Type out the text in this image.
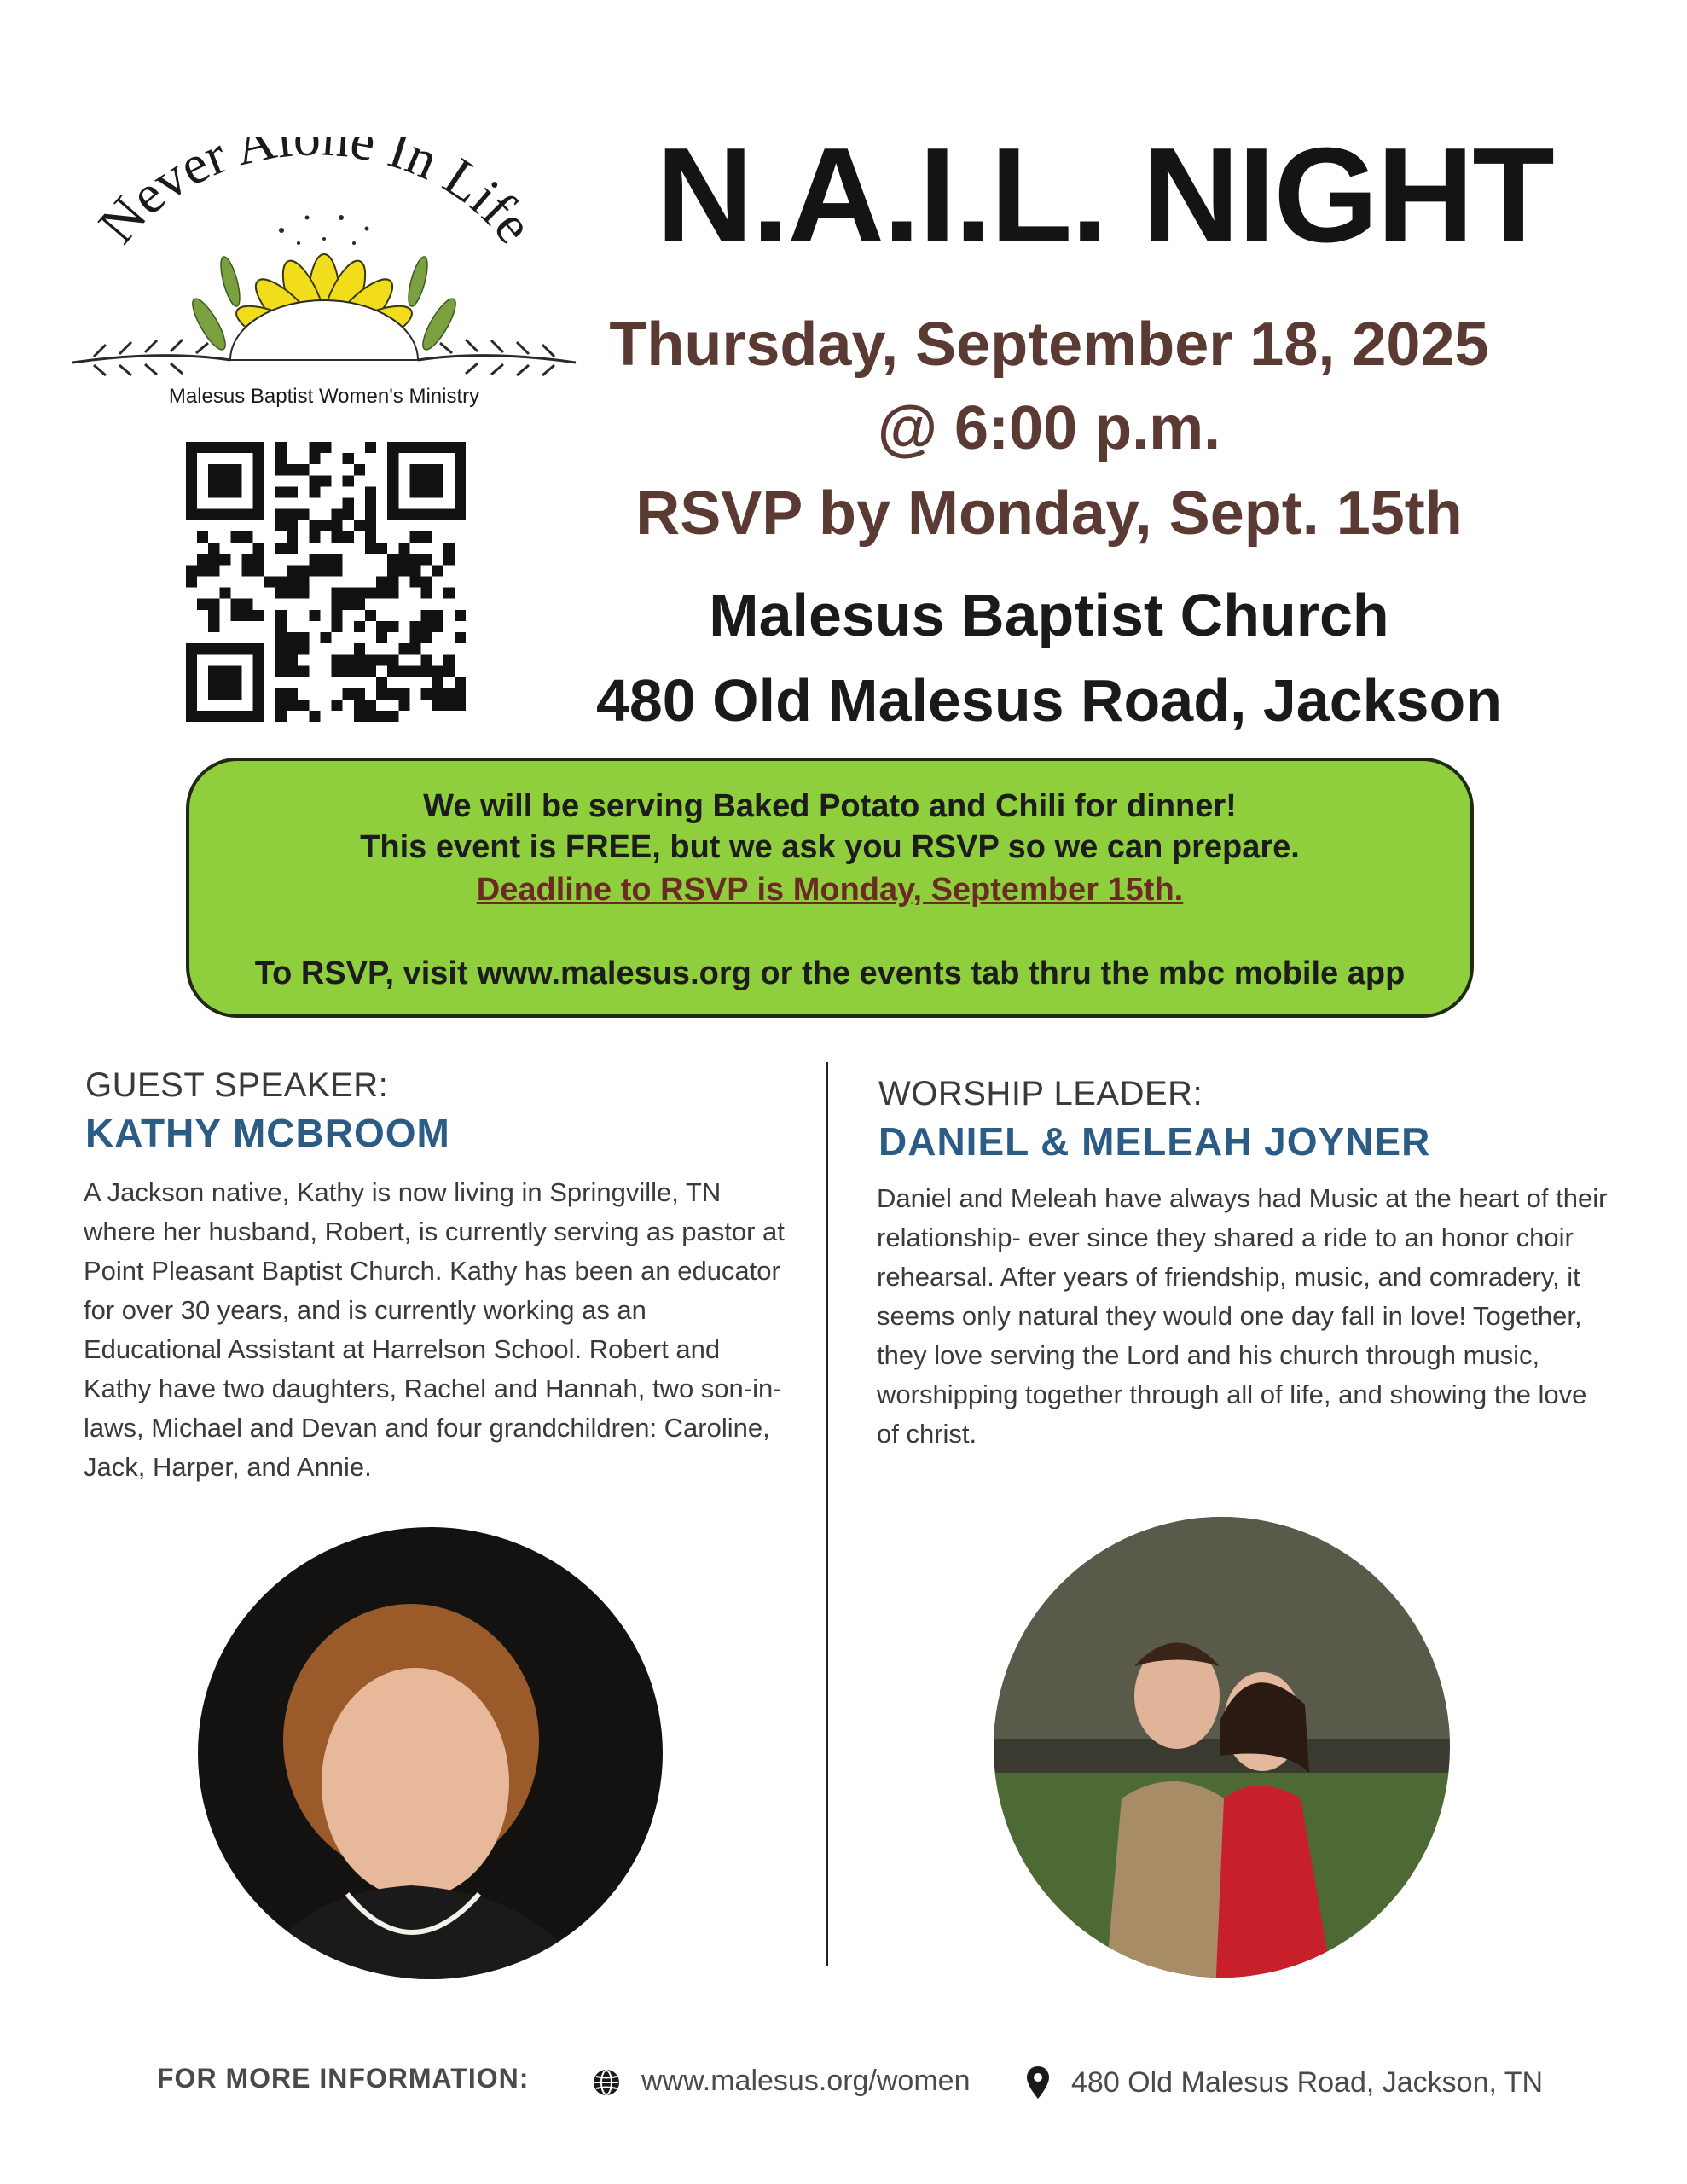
Never Alone In Life
Malesus Baptist Women's Ministry
N.A.I.L. NIGHT
Thursday, September 18, 2025
@ 6:00 p.m.
RSVP by Monday, Sept. 15th
Malesus Baptist Church
480 Old Malesus Road, Jackson
We will be serving Baked Potato and Chili for dinner!
This event is FREE, but we ask you RSVP so we can prepare.
Deadline to RSVP is Monday, September 15th.
To RSVP, visit www.malesus.org or the events tab thru the mbc mobile app
GUEST SPEAKER:
KATHY MCBROOM
A Jackson native, Kathy is now living in Springville, TN where her husband, Robert, is currently serving as pastor at Point Pleasant Baptist Church. Kathy has been an educator for over 30 years, and is currently working as an Educational Assistant at Harrelson School. Robert and Kathy have two daughters, Rachel and Hannah, two son-in-laws, Michael and Devan and four grandchildren: Caroline, Jack, Harper, and Annie.
WORSHIP LEADER:
DANIEL & MELEAH JOYNER
Daniel and Meleah have always had Music at the heart of their relationship- ever since they shared a ride to an honor choir rehearsal. After years of friendship, music, and comradery, it seems only natural they would one day fall in love! Together, they love serving the Lord and his church through music, worshipping together through all of life, and showing the love of christ.
FOR MORE INFORMATION:	www.malesus.org/women	480 Old Malesus Road, Jackson, TN
